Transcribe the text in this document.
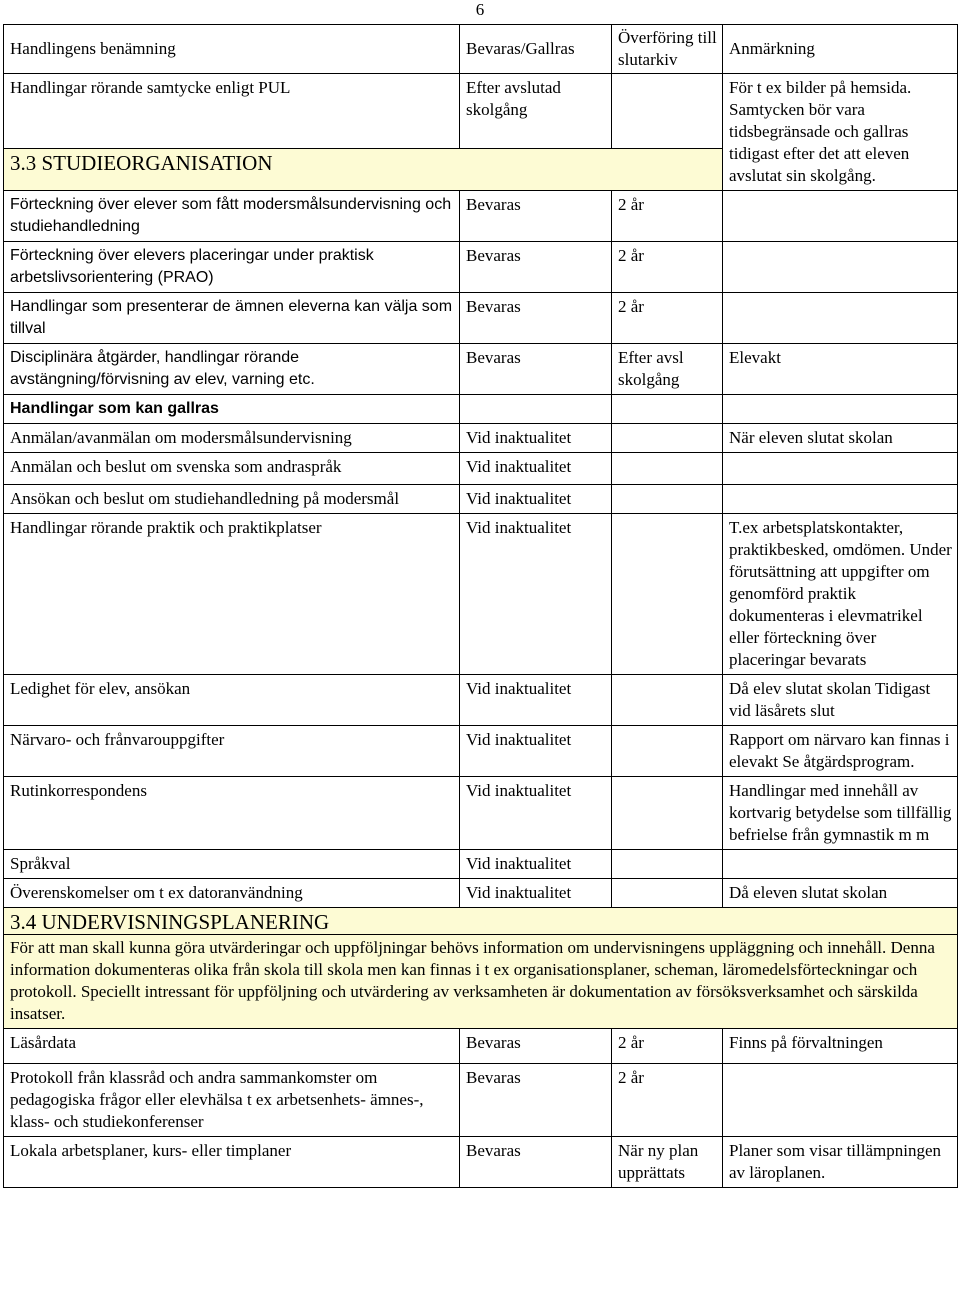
6
Handlingens benämning	Bevaras/Gallras	Överföring till slutarkiv	Anmärkning
Handlingar rörande samtycke enligt PUL	Efter avslutad skolgång		För t ex bilder på hemsida. Samtycken bör vara tidsbegränsade och gallras tidigast efter det att eleven avslutat sin skolgång.
3.3 STUDIEORGANISATION			
Förteckning över elever som fått modersmålsundervisning och studiehandledning	Bevaras	2 år	
Förteckning över elevers placeringar under praktisk arbetslivsorientering (PRAO)	Bevaras	2 år	
Handlingar som presenterar de ämnen eleverna kan välja som tillval	Bevaras	2 år	
Disciplinära åtgärder, handlingar rörande avstängning/förvisning av elev, varning etc.	Bevaras	Efter avsl skolgång	Elevakt
Handlingar som kan gallras			
Anmälan/avanmälan om modersmålsundervisning	Vid inaktualitet		När eleven slutat skolan
Anmälan och beslut om svenska som andraspråk	Vid inaktualitet		
Ansökan och beslut om studiehandledning på modersmål	Vid inaktualitet		
Handlingar rörande praktik och praktikplatser	Vid inaktualitet		T.ex arbetsplatskontakter, praktikbesked, omdömen. Under förutsättning att uppgifter om genomförd praktik dokumenteras i elevmatrikel eller förteckning över placeringar bevarats
Ledighet för elev, ansökan	Vid inaktualitet		Då elev slutat skolan Tidigast vid läsårets slut
Närvaro- och frånvarouppgifter	Vid inaktualitet		Rapport om närvaro kan finnas i elevakt Se åtgärdsprogram.
Rutinkorrespondens	Vid inaktualitet		Handlingar med innehåll av kortvarig betydelse som tillfällig befrielse från gymnastik m m
Språkval	Vid inaktualitet		
Överenskomelser om t ex datoranvändning	Vid inaktualitet		Då eleven slutat skolan
3.4 UNDERVISNINGSPLANERING			
För att man skall kunna göra utvärderingar och uppföljningar behövs information om undervisningens uppläggning och innehåll. Denna information dokumenteras olika från skola till skola men kan finnas i t ex organisationsplaner, scheman, läromedelsförteckningar och protokoll. Speciellt intressant för uppföljning och utvärdering av verksamheten är dokumentation av försöksverksamhet och särskilda insatser.			
Läsårdata	Bevaras	2 år	Finns på förvaltningen
Protokoll från klassråd och andra sammankomster om pedagogiska frågor eller elevhälsa t ex arbetsenhets- ämnes-, klass- och studiekonferenser	Bevaras	2 år	
Lokala arbetsplaner, kurs- eller timplaner	Bevaras	När ny plan upprättats	Planer som visar tillämpningen av läroplanen.
